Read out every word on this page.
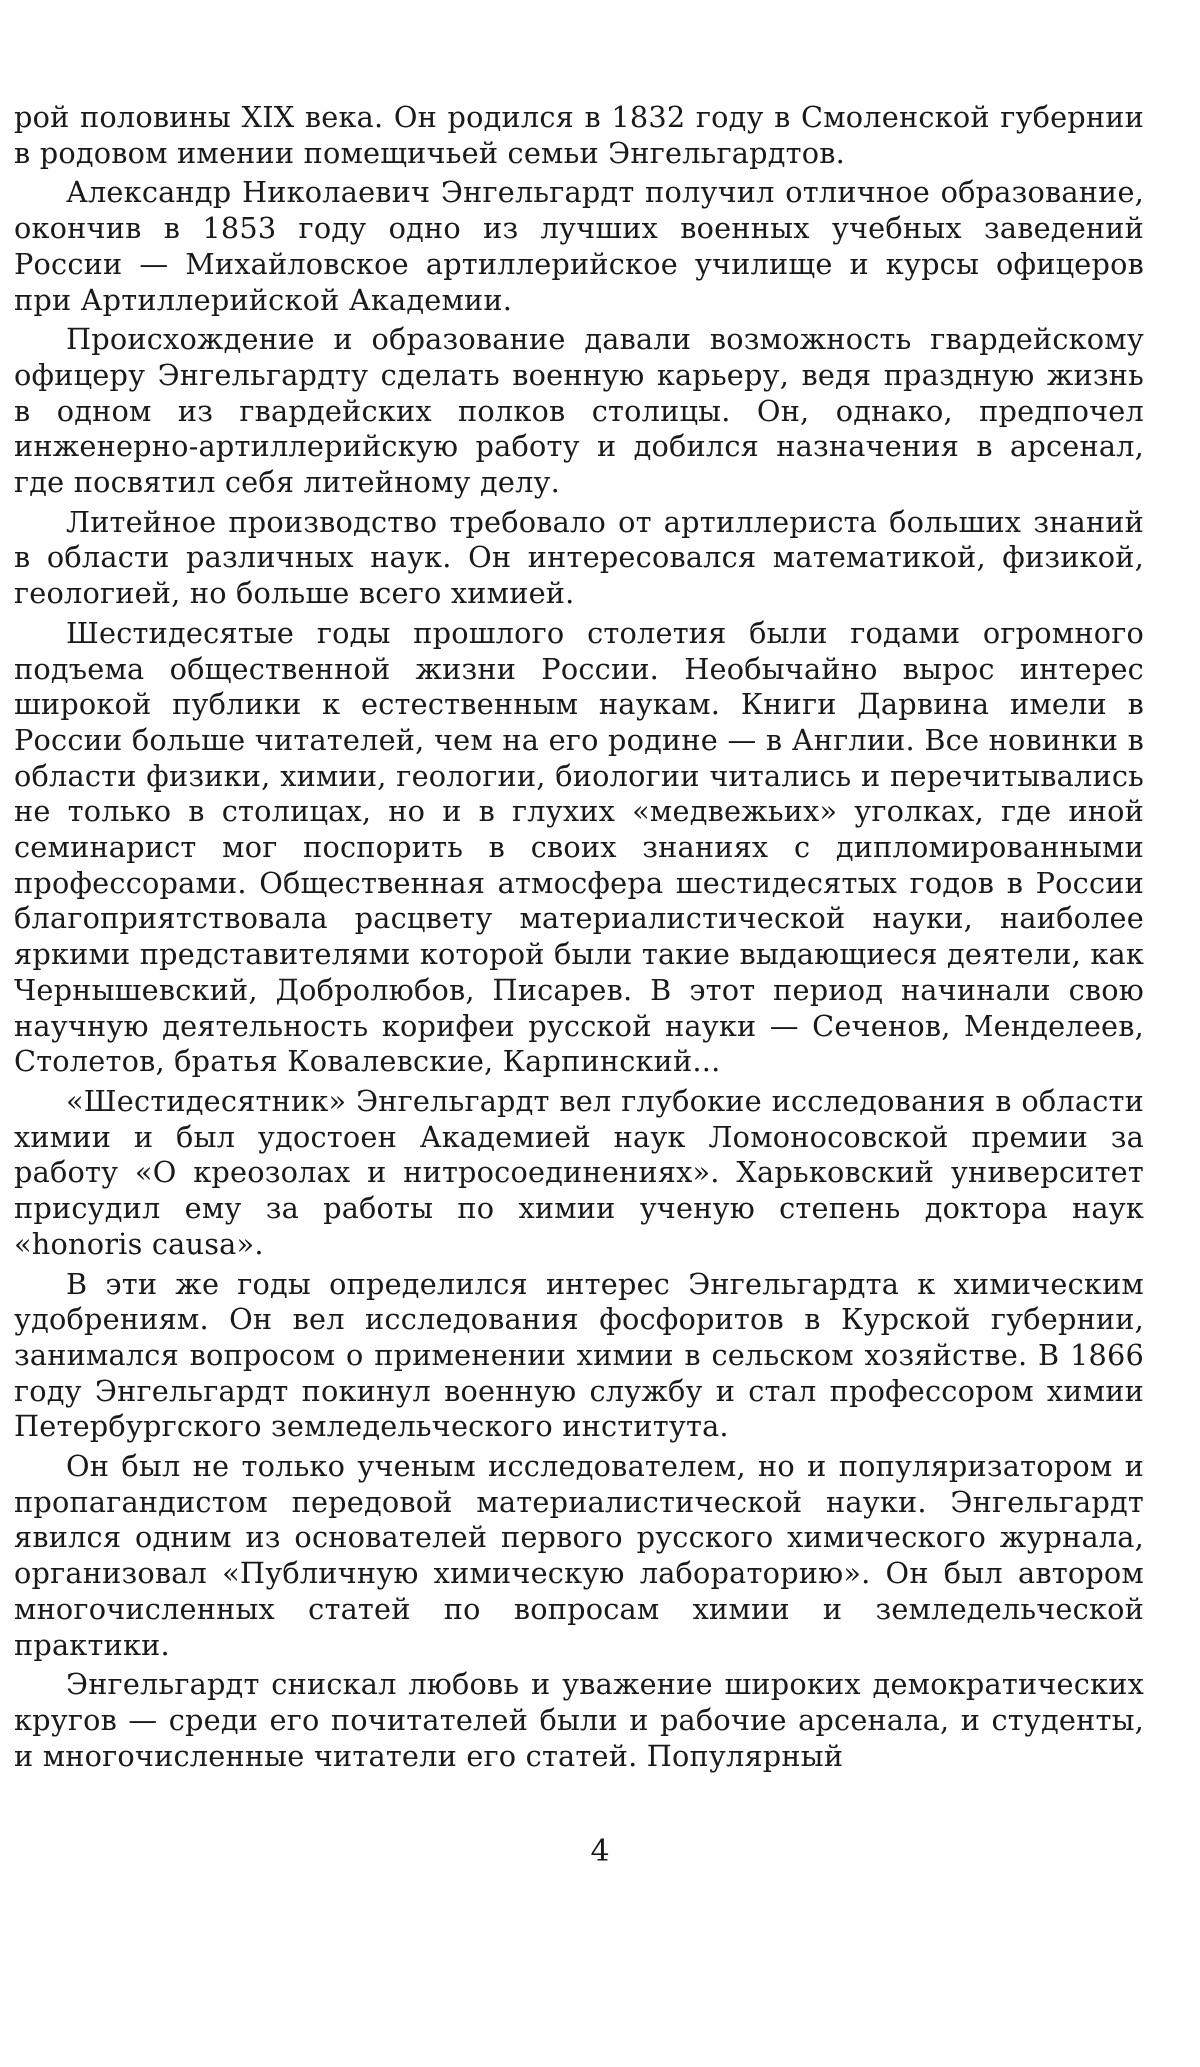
рой половины XIX века. Он родился в 1832 году в Смоленской губернии в родовом имении помещичьей семьи Энгельгардтов.

Александр Николаевич Энгельгардт получил отличное образование, окончив в 1853 году одно из лучших военных учебных заведений России — Михайловское артиллерийское училище и курсы офицеров при Артиллерийской Академии.

Происхождение и образование давали возможность гвардейскому офицеру Энгельгардту сделать военную карьеру, ведя праздную жизнь в одном из гвардейских полков столицы. Он, однако, предпочел инженерно-артиллерийскую работу и добился назначения в арсенал, где посвятил себя литейному делу.

Литейное производство требовало от артиллериста больших знаний в области различных наук. Он интересовался математикой, физикой, геологией, но больше всего химией.

Шестидесятые годы прошлого столетия были годами огромного подъема общественной жизни России. Необычайно вырос интерес широкой публики к естественным наукам. Книги Дарвина имели в России больше читателей, чем на его родине — в Англии. Все новинки в области физики, химии, геологии, биологии читались и перечитывались не только в столицах, но и в глухих «медвежьих» уголках, где иной семинарист мог поспорить в своих знаниях с дипломированными профессорами. Общественная атмосфера шестидесятых годов в России благоприятствовала расцвету материалистической науки, наиболее яркими представителями которой были такие выдающиеся деятели, как Чернышевский, Добролюбов, Писарев. В этот период начинали свою научную деятельность корифеи русской науки — Сеченов, Менделеев, Столетов, братья Ковалевские, Карпинский...

«Шестидесятник» Энгельгардт вел глубокие исследования в области химии и был удостоен Академией наук Ломоносовской премии за работу «О креозолах и нитросоединениях». Харьковский университет присудил ему за работы по химии ученую степень доктора наук «honoris causa».

В эти же годы определился интерес Энгельгардта к химическим удобрениям. Он вел исследования фосфоритов в Курской губернии, занимался вопросом о применении химии в сельском хозяйстве. В 1866 году Энгельгардт покинул военную службу и стал профессором химии Петербургского земледельческого института.

Он был не только ученым исследователем, но и популяризатором и пропагандистом передовой материалистической науки. Энгельгардт явился одним из основателей первого русского химического журнала, организовал «Публичную химическую лабораторию». Он был автором многочисленных статей по вопросам химии и земледельческой практики.

Энгельгардт снискал любовь и уважение широких демократических кругов — среди его почитателей были и рабочие арсенала, и студенты, и многочисленные читатели его статей. Популярный

4
